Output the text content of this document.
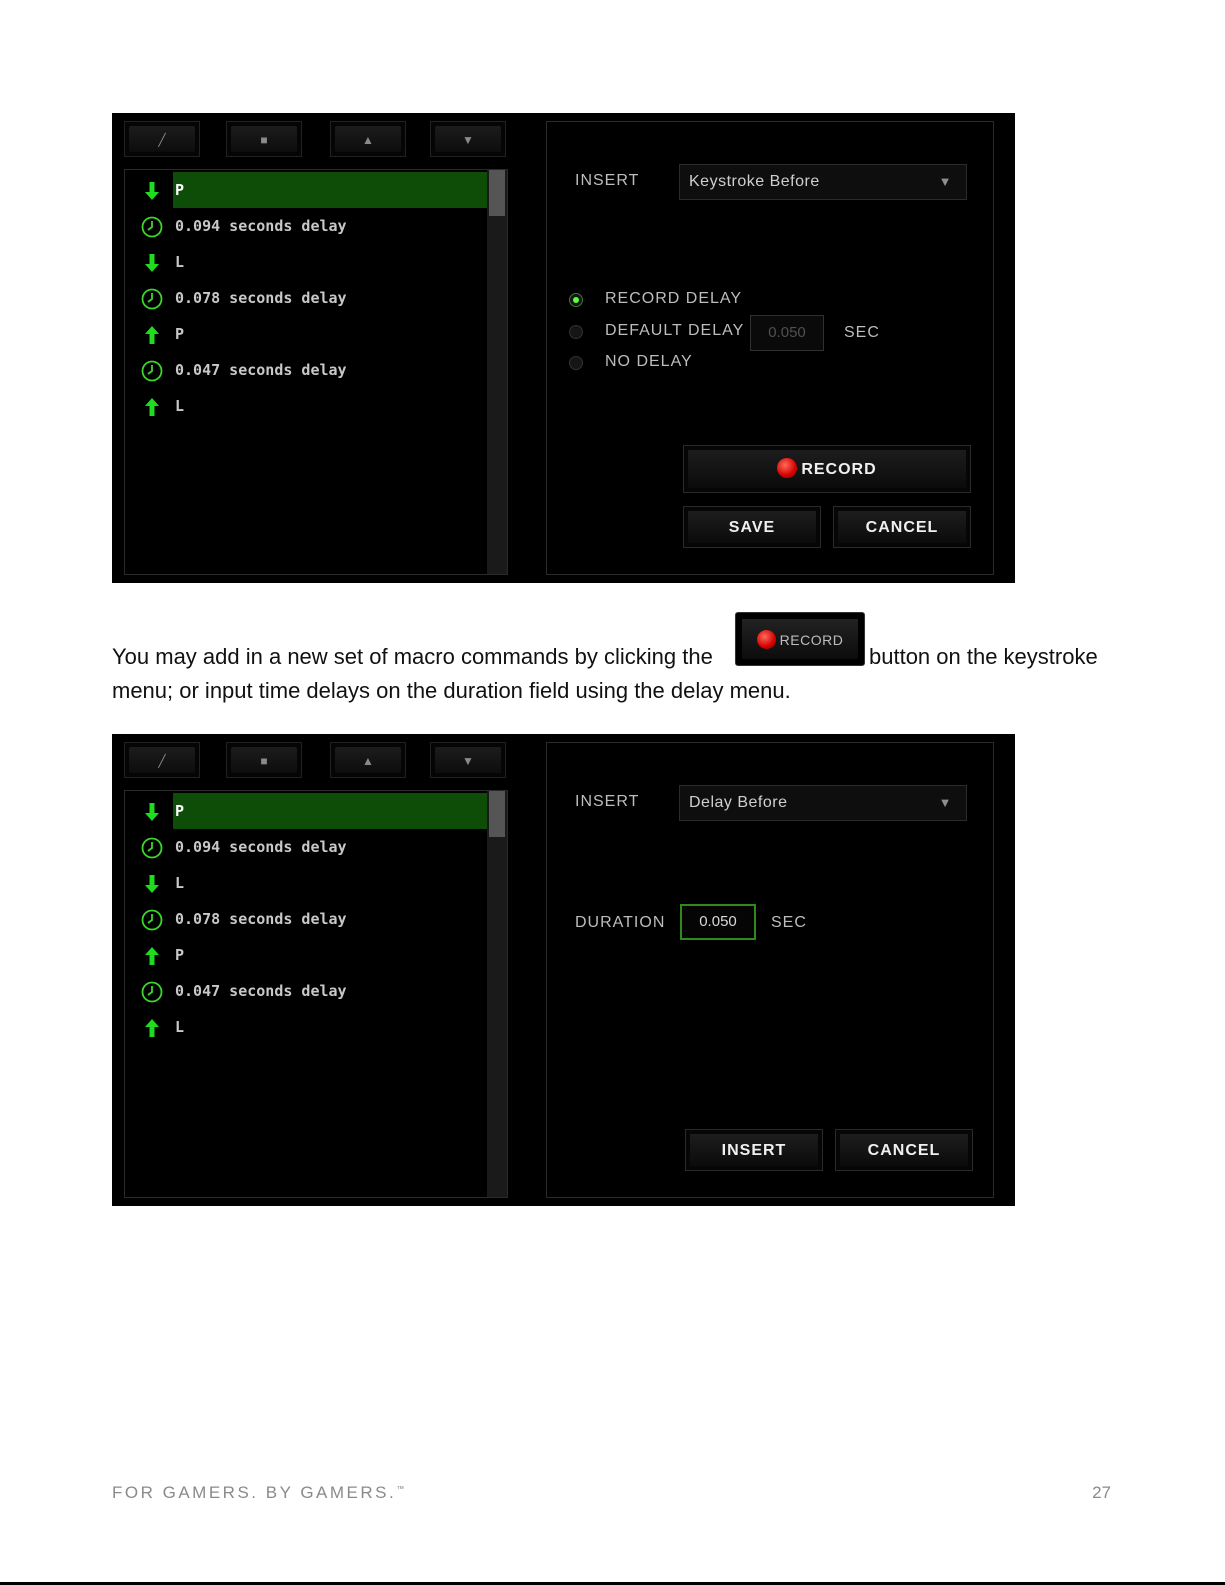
╱	■	▲	▼
P
0.094 seconds delay
L
0.078 seconds delay
P
0.047 seconds delay
L
INSERT	Keystroke Before	▼
RECORD DELAY
DEFAULT DELAY	0.050	SEC
NO DELAY
RECORD
SAVE	CANCEL
You may add in a new set of macro commands by clicking the
RECORD
button on the keystroke
menu; or input time delays on the duration field using the delay menu.
╱	■	▲	▼
P
0.094 seconds delay
L
0.078 seconds delay
P
0.047 seconds delay
L
INSERT	Delay Before	▼
DURATION	0.050	SEC
INSERT	CANCEL
FOR GAMERS. BY GAMERS.™	27
